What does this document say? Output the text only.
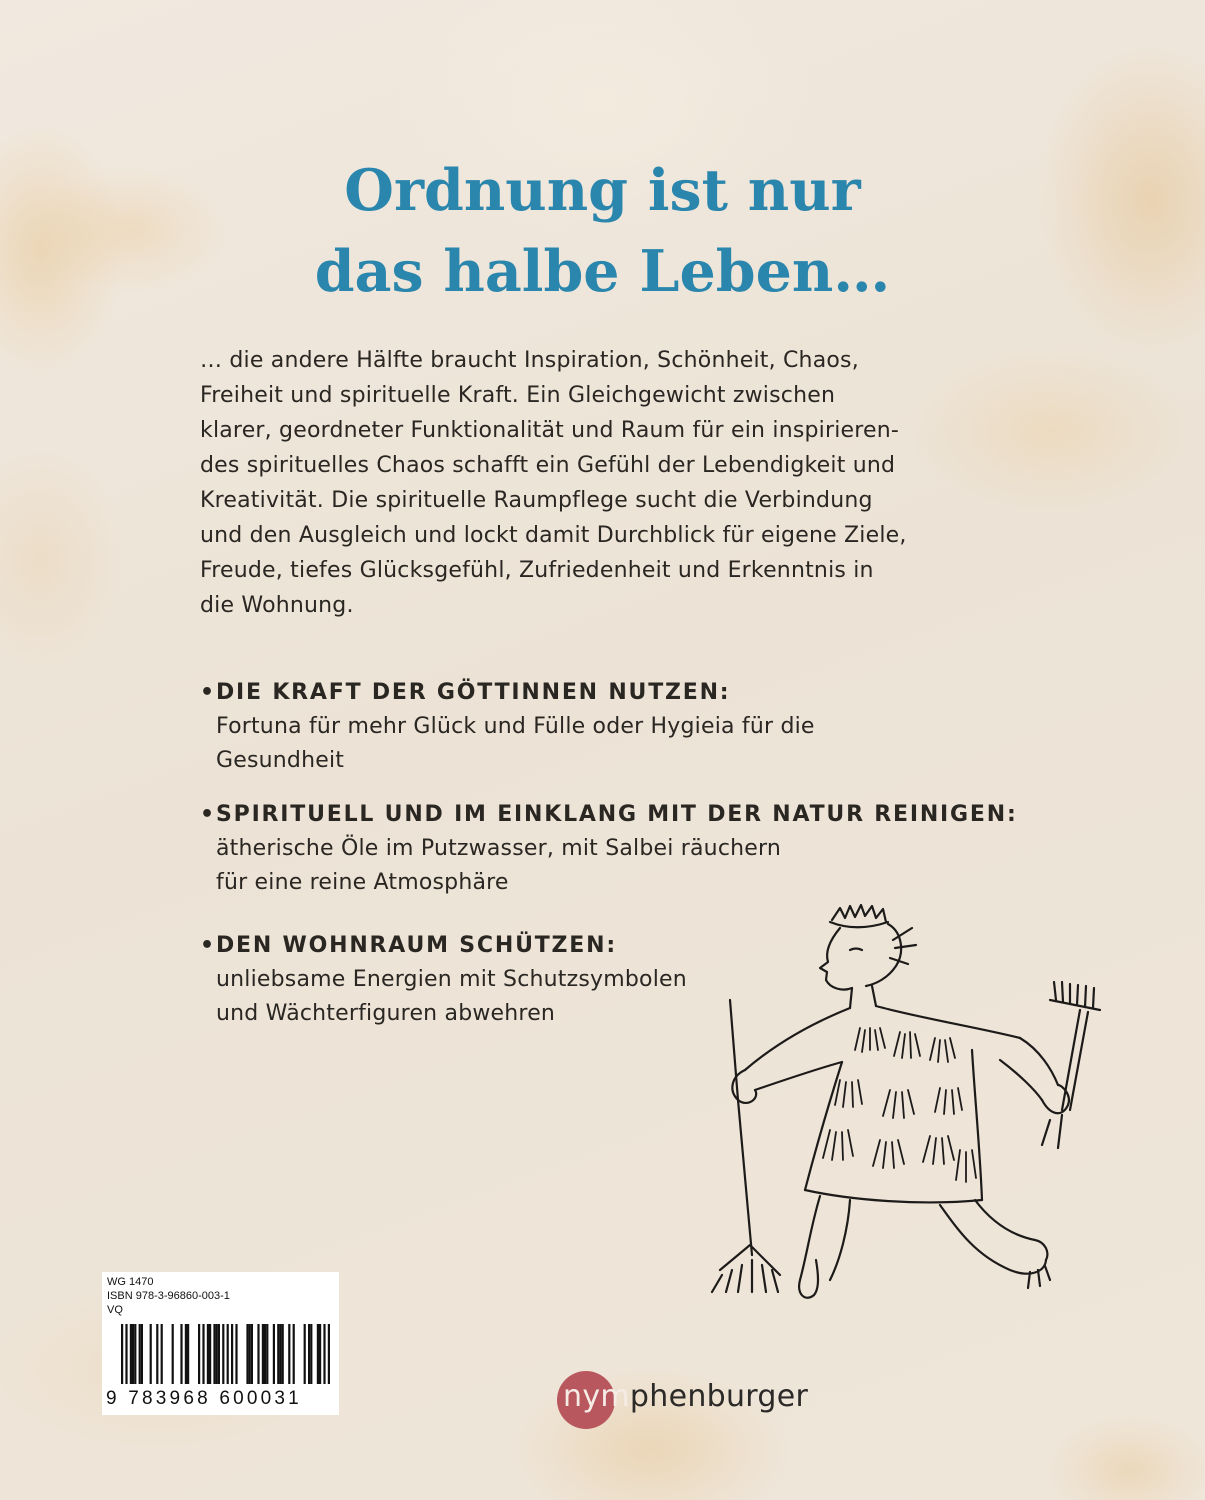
Ordnung ist nur
das halbe Leben…

… die andere Hälfte braucht Inspiration, Schönheit, Chaos,
Freiheit und spirituelle Kraft. Ein Gleichgewicht zwischen
klarer, geordneter Funktionalität und Raum für ein inspirieren-
des spirituelles Chaos schafft ein Gefühl der Lebendigkeit und
Kreativität. Die spirituelle Raumpflege sucht die Verbindung
und den Ausgleich und lockt damit Durchblick für eigene Ziele,
Freude, tiefes Glücksgefühl, Zufriedenheit und Erkenntnis in
die Wohnung.

•DIE KRAFT DER GÖTTINNEN NUTZEN:
Fortuna für mehr Glück und Fülle oder Hygieia für die
Gesundheit
•SPIRITUELL UND IM EINKLANG MIT DER NATUR REINIGEN:
ätherische Öle im Putzwasser, mit Salbei räuchern
für eine reine Atmosphäre
•DEN WOHNRAUM SCHÜTZEN:
unliebsame Energien mit Schutzsymbolen
und Wächterfiguren abwehren
WG 1470
ISBN 978-3-96860-003-1
VQ
9 783968 600031	nymphenburger
